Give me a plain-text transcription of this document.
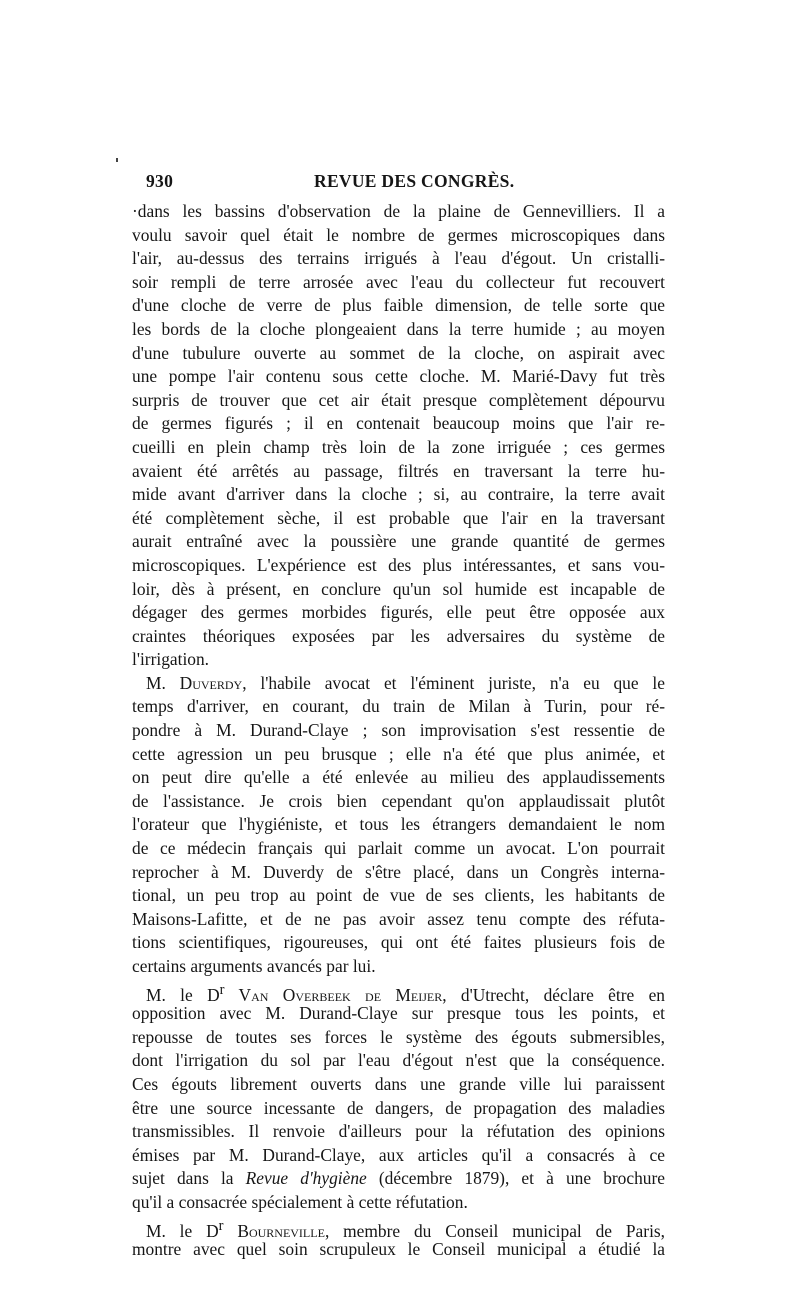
930	REVUE DES CONGRÈS.
·dans les bassins d'observation de la plaine de Gennevilliers. Il a
voulu savoir quel était le nombre de germes microscopiques dans
l'air, au-dessus des terrains irrigués à l'eau d'égout. Un cristalli-
soir rempli de terre arrosée avec l'eau du collecteur fut recouvert
d'une cloche de verre de plus faible dimension, de telle sorte que
les bords de la cloche plongeaient dans la terre humide ; au moyen
d'une tubulure ouverte au sommet de la cloche, on aspirait avec
une pompe l'air contenu sous cette cloche. M. Marié-Davy fut très
surpris de trouver que cet air était presque complètement dépourvu
de germes figurés ; il en contenait beaucoup moins que l'air re-
cueilli en plein champ très loin de la zone irriguée ; ces germes
avaient été arrêtés au passage, filtrés en traversant la terre hu-
mide avant d'arriver dans la cloche ; si, au contraire, la terre avait
été complètement sèche, il est probable que l'air en la traversant
aurait entraîné avec la poussière une grande quantité de germes
microscopiques. L'expérience est des plus intéressantes, et sans vou-
loir, dès à présent, en conclure qu'un sol humide est incapable de
dégager des germes morbides figurés, elle peut être opposée aux
craintes théoriques exposées par les adversaires du système de
l'irrigation.
M. Duverdy, l'habile avocat et l'éminent juriste, n'a eu que le
temps d'arriver, en courant, du train de Milan à Turin, pour ré-
pondre à M. Durand-Claye ; son improvisation s'est ressentie de
cette agression un peu brusque ; elle n'a été que plus animée, et
on peut dire qu'elle a été enlevée au milieu des applaudissements
de l'assistance. Je crois bien cependant qu'on applaudissait plutôt
l'orateur que l'hygiéniste, et tous les étrangers demandaient le nom
de ce médecin français qui parlait comme un avocat. L'on pourrait
reprocher à M. Duverdy de s'être placé, dans un Congrès interna-
tional, un peu trop au point de vue de ses clients, les habitants de
Maisons-Lafitte, et de ne pas avoir assez tenu compte des réfuta-
tions scientifiques, rigoureuses, qui ont été faites plusieurs fois de
certains arguments avancés par lui.
M. le $D^r$ Van Overbeek de Meijer, d'Utrecht, déclare être en
opposition avec M. Durand-Claye sur presque tous les points, et
repousse de toutes ses forces le système des égouts submersibles,
dont l'irrigation du sol par l'eau d'égout n'est que la conséquence.
Ces égouts librement ouverts dans une grande ville lui paraissent
être une source incessante de dangers, de propagation des maladies
transmissibles. Il renvoie d'ailleurs pour la réfutation des opinions
émises par M. Durand-Claye, aux articles qu'il a consacrés à ce
sujet dans la Revue d'hygiène (décembre 1879), et à une brochure
qu'il a consacrée spécialement à cette réfutation.
M. le $D^r$ Bourneville, membre du Conseil municipal de Paris,
montre avec quel soin scrupuleux le Conseil municipal a étudié la
